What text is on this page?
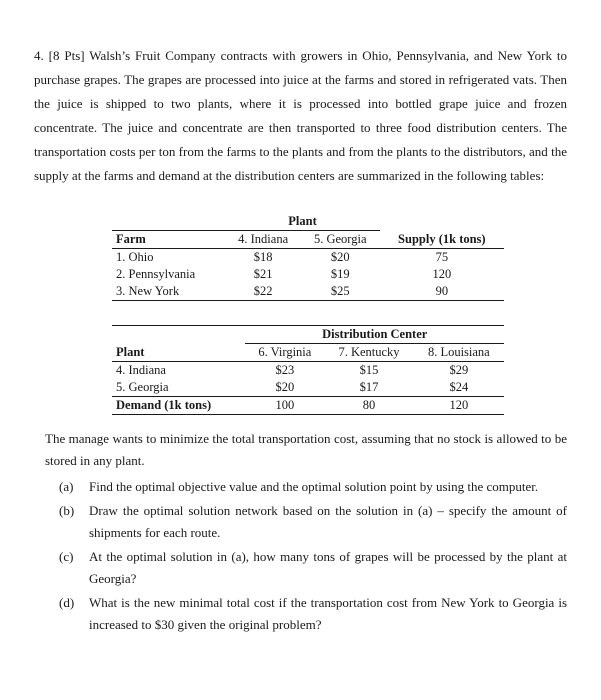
4. [8 Pts] Walsh’s Fruit Company contracts with growers in Ohio, Pennsylvania, and New York to purchase grapes. The grapes are processed into juice at the farms and stored in refrigerated vats. Then the juice is shipped to two plants, where it is processed into bottled grape juice and frozen concentrate. The juice and concentrate are then transported to three food distribution centers. The transportation costs per ton from the farms to the plants and from the plants to the distributors, and the supply at the farms and demand at the distribution centers are summarized in the following tables:
	Plant		
Farm	4. Indiana	5. Georgia	Supply (1k tons)
1. Ohio	$18	$20	75
2. Pennsylvania	$21	$19	120
3. New York	$22	$25	90
	Distribution Center		
Plant	6. Virginia	7. Kentucky	8. Louisiana
4. Indiana	$23	$15	$29
5. Georgia	$20	$17	$24
Demand (1k tons)	100	80	120

The manage wants to minimize the total transportation cost, assuming that no stock is allowed to be stored in any plant.

(a)	Find the optimal objective value and the optimal solution point by using the computer.
(b)	Draw the optimal solution network based on the solution in (a) – specify the amount of shipments for each route.
(c)	At the optimal solution in (a), how many tons of grapes will be processed by the plant at Georgia?
(d)	What is the new minimal total cost if the transportation cost from New York to Georgia is increased to $30 given the original problem?
